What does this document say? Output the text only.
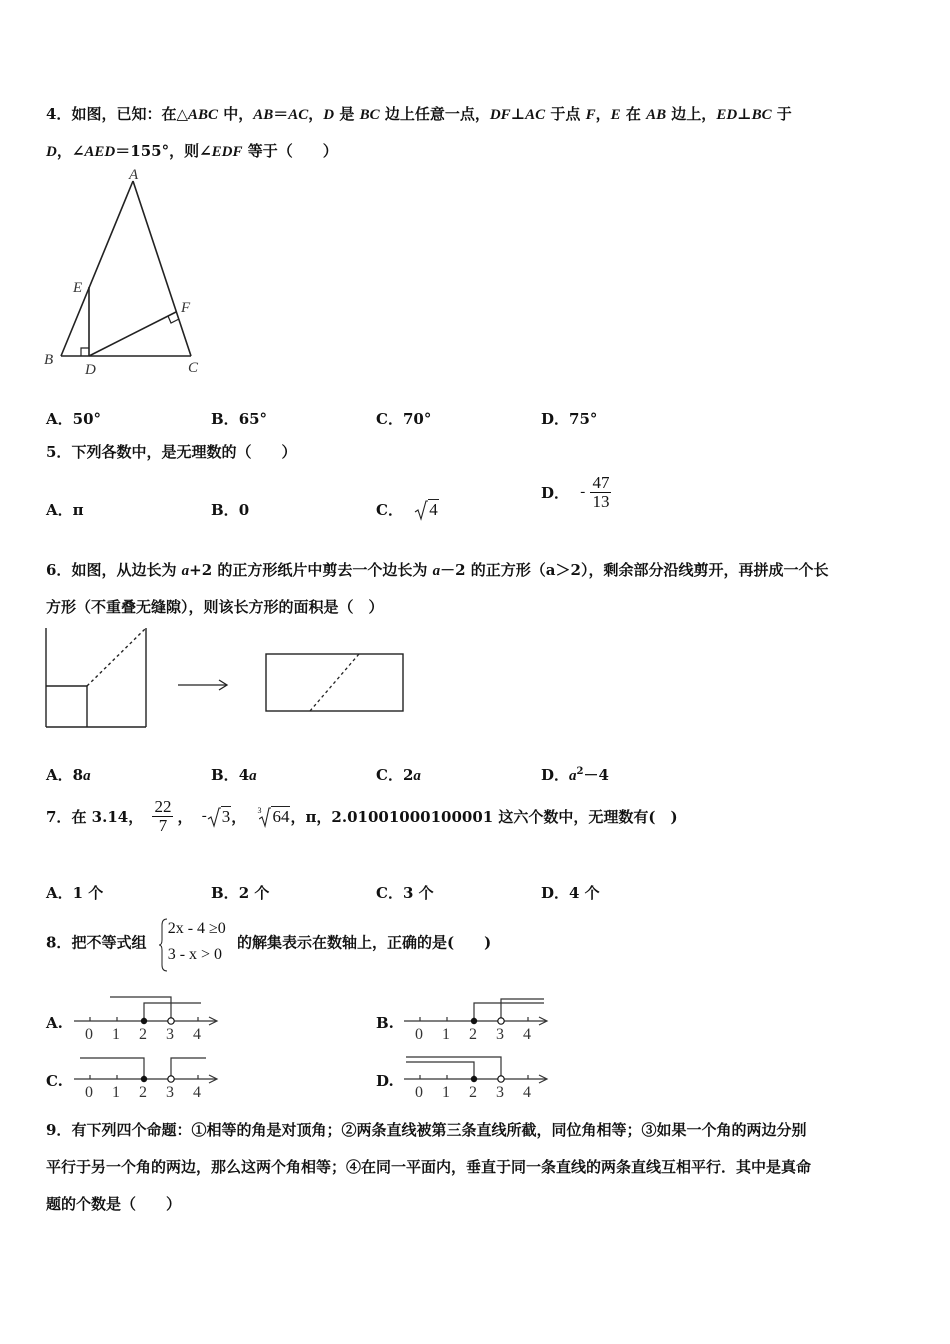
4．如图，已知：在△ABC 中，AB＝AC，D 是 BC 边上任意一点，DF⊥AC 于点 F，E 在 AB 边上，ED⊥BC 于
D，∠AED＝155°，则∠EDF 等于（　　）
A
B	C
D
E
F
A．50°	B．65°	C．70°	D．75°
5．下列各数中，是无理数的（　　）
A．π	B．0	C． 4
D． - $\frac{47}{13}$
6．如图，从边长为 a+2 的正方形纸片中剪去一个边长为 a－2 的正方形（a＞2），剩余部分沿线剪开，再拼成一个长
方形（不重叠无缝隙），则该长方形的面积是（　）
A．8a	B．4a	C．2a	D．$a^2-4$
7．在 3.14， $\frac{22}{7}$ ， - 3， $^3$ 64，π，2.01001000100001 这六个数中，无理数有(　)
A．1 个	B．2 个	C．3 个	D．4 个
8．把不等式组
2x - 4 ≥0
3 - x > 0
的解集表示在数轴上，正确的是(　　)
A.
0 1 2 3 4
B.
0 1 2 3 4
C.
0 1 2 3 4
D.
0 1 2 3 4
9．有下列四个命题：①相等的角是对顶角；②两条直线被第三条直线所截，同位角相等；③如果一个角的两边分别
平行于另一个角的两边，那么这两个角相等；④在同一平面内，垂直于同一条直线的两条直线互相平行．其中是真命
题的个数是（　　）
